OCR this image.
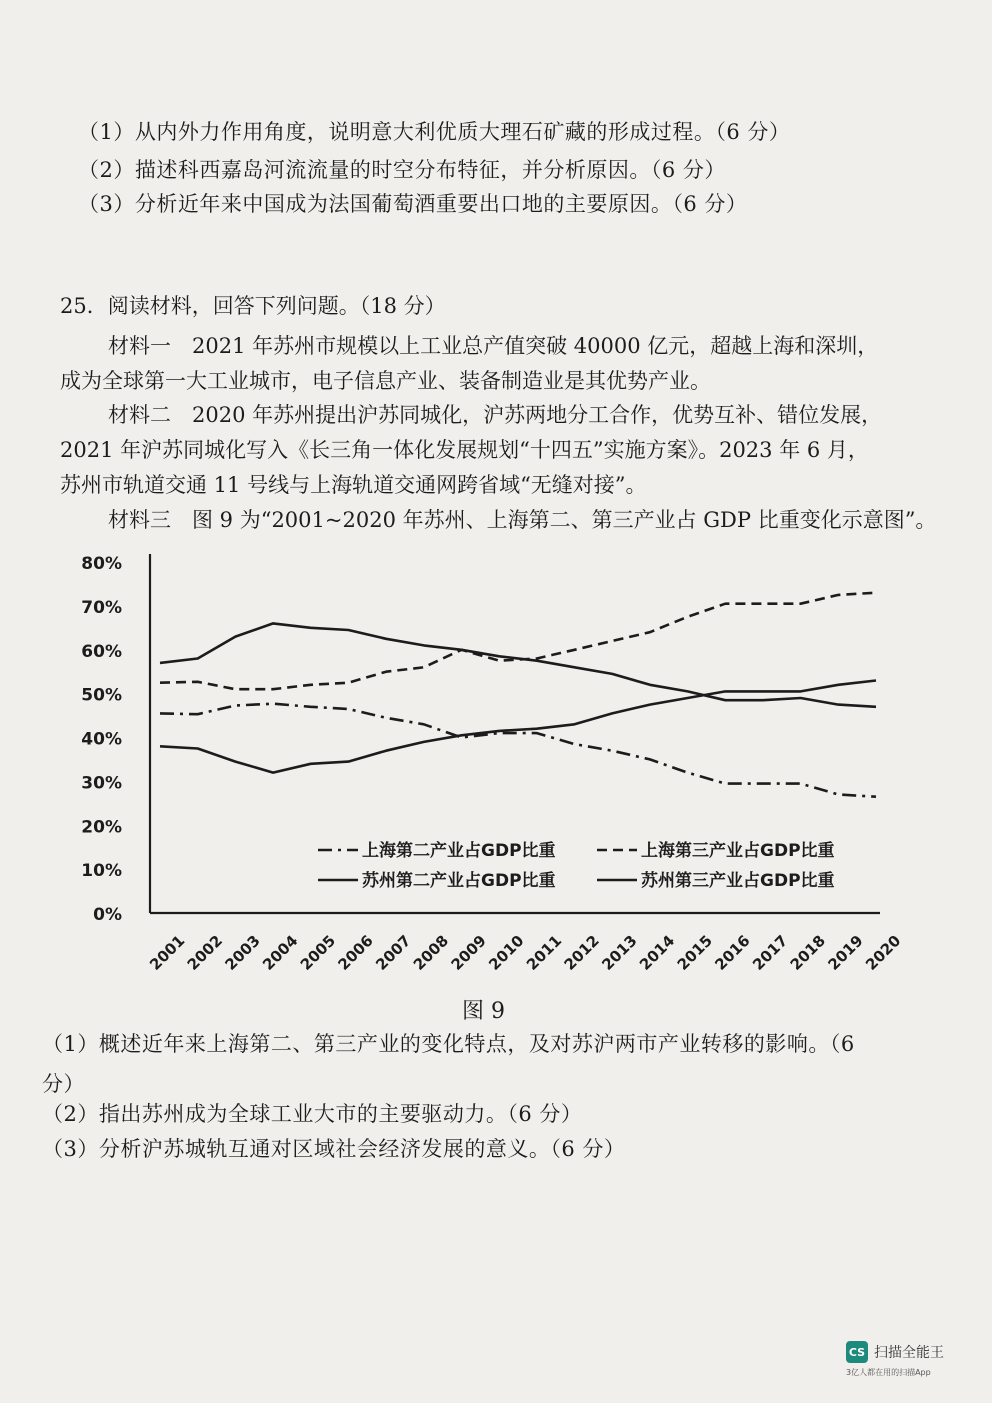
（1）从内外力作用角度，说明意大利优质大理石矿藏的形成过程。（6 分）
（2）描述科西嘉岛河流流量的时空分布特征，并分析原因。（6 分）
（3）分析近年来中国成为法国葡萄酒重要出口地的主要原因。（6 分）
25．阅读材料，回答下列问题。（18 分）
材料一　2021 年苏州市规模以上工业总产值突破 40000 亿元，超越上海和深圳，
成为全球第一大工业城市，电子信息产业、装备制造业是其优势产业。
材料二　2020 年苏州提出沪苏同城化，沪苏两地分工合作，优势互补、错位发展，
2021 年沪苏同城化写入《长三角一体化发展规划“十四五”实施方案》。2023 年 6 月，
苏州市轨道交通 11 号线与上海轨道交通网跨省域“无缝对接”。
材料三　图 9 为“2001~2020 年苏州、上海第二、第三产业占 GDP 比重变化示意图”。
0%
10%
20%
30%
40%
50%
60%
70%
80%
2001
2002
2003
2004
2005
2006
2007
2008
2009
2010
2011
2012
2013
2014
2015
2016
2017
2018
2019
2020
上海第二产业占GDP比重	上海第三产业占GDP比重
苏州第二产业占GDP比重	苏州第三产业占GDP比重
图 9
（1）概述近年来上海第二、第三产业的变化特点，及对苏沪两市产业转移的影响。（6
分）
（2）指出苏州成为全球工业大市的主要驱动力。（6 分）
（3）分析沪苏城轨互通对区域社会经济发展的意义。（6 分）
CS 扫描全能王
3亿人都在用的扫描App
